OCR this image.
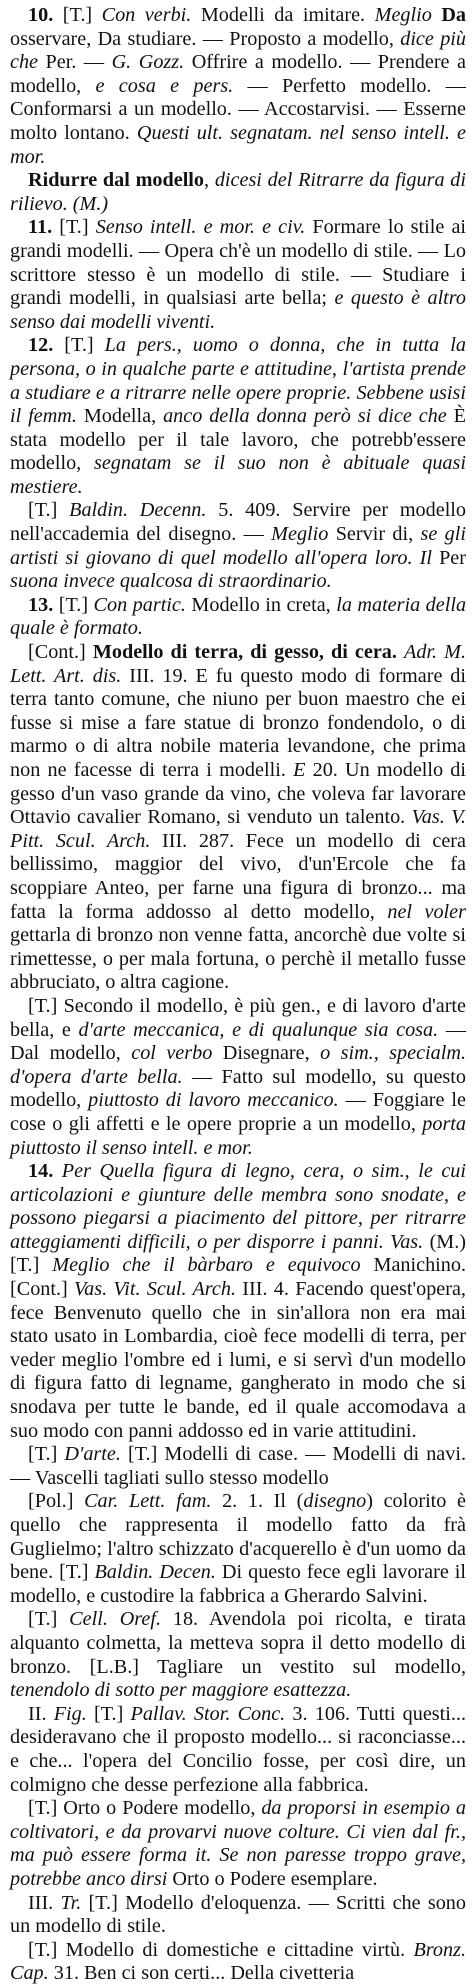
10. [T.] Con verbi. Modelli da imitare. Meglio Da osservare, Da studiare. — Proposto a modello, dice più che Per. — G. Gozz. Offrire a modello. — Prendere a modello, e cosa e pers. — Perfetto modello. — Conformarsi a un modello. — Accostarvisi. — Esserne molto lontano. Questi ult. segnatam. nel senso intell. e mor.

Ridurre dal modello, dicesi del Ritrarre da figura di rilievo. (M.)

11. [T.] Senso intell. e mor. e civ. Formare lo stile ai grandi modelli. — Opera ch'è un modello di stile. — Lo scrittore stesso è un modello di stile. — Studiare i grandi modelli, in qualsiasi arte bella; e questo è altro senso dai modelli viventi.

12. [T.] La pers., uomo o donna, che in tutta la persona, o in qualche parte e attitudine, l'artista prende a studiare e a ritrarre nelle opere proprie. Sebbene usisi il femm. Modella, anco della donna però si dice che È stata modello per il tale lavoro, che potrebb'essere modello, segnatam se il suo non è abituale quasi mestiere.

[T.] Baldin. Decenn. 5. 409. Servire per modello nell'accademia del disegno. — Meglio Servir di, se gli artisti si giovano di quel modello all'opera loro. Il Per suona invece qualcosa di straordinario.

13. [T.] Con partic. Modello in creta, la materia della quale è formato.

[Cont.] Modello di terra, di gesso, di cera. Adr. M. Lett. Art. dis. III. 19. E fu questo modo di formare di terra tanto comune, che niuno per buon maestro che ei fusse si mise a fare statue di bronzo fondendolo, o di marmo o di altra nobile materia levandone, che prima non ne facesse di terra i modelli. E 20. Un modello di gesso d'un vaso grande da vino, che voleva far lavorare Ottavio cavalier Romano, si venduto un talento. Vas. V. Pitt. Scul. Arch. III. 287. Fece un modello di cera bellissimo, maggior del vivo, d'un'Ercole che fa scoppiare Anteo, per farne una figura di bronzo... ma fatta la forma addosso al detto modello, nel voler gettarla di bronzo non venne fatta, ancorchè due volte si rimettesse, o per mala fortuna, o perchè il metallo fusse abbruciato, o altra cagione.

[T.] Secondo il modello, è più gen., e di lavoro d'arte bella, e d'arte meccanica, e di qualunque sia cosa. — Dal modello, col verbo Disegnare, o sim., specialm. d'opera d'arte bella. — Fatto sul modello, su questo modello, piuttosto di lavoro meccanico. — Foggiare le cose o gli affetti e le opere proprie a un modello, porta piuttosto il senso intell. e mor.

14. Per Quella figura di legno, cera, o sim., le cui articolazioni e giunture delle membra sono snodate, e possono piegarsi a piacimento del pittore, per ritrarre atteggiamenti difficili, o per disporre i panni. Vas. (M.) [T.] Meglio che il bàrbaro e equivoco Manichino. [Cont.] Vas. Vit. Scul. Arch. III. 4. Facendo quest'opera, fece Benvenuto quello che in sin'allora non era mai stato usato in Lombardia, cioè fece modelli di terra, per veder meglio l'ombre ed i lumi, e si servì d'un modello di figura fatto di legname, gangherato in modo che si snodava per tutte le bande, ed il quale accomodava a suo modo con panni addosso ed in varie attitudini.

[T.] D'arte. [T.] Modelli di case. — Modelli di navi. — Vascelli tagliati sullo stesso modello

[Pol.] Car. Lett. fam. 2. 1. Il (disegno) colorito è quello che rappresenta il modello fatto da frà Guglielmo; l'altro schizzato d'acquerello è d'un uomo da bene. [T.] Baldin. Decen. Di questo fece egli lavorare il modello, e custodire la fabbrica a Gherardo Salvini.

[T.] Cell. Oref. 18. Avendola poi ricolta, e tirata alquanto colmetta, la metteva sopra il detto modello di bronzo. [L.B.] Tagliare un vestito sul modello, tenendolo di sotto per maggiore esattezza.

II. Fig. [T.] Pallav. Stor. Conc. 3. 106. Tutti questi... desideravano che il proposto modello... si raconciasse... e che... l'opera del Concilio fosse, per così dire, un colmigno che desse perfezione alla fabbrica.

[T.] Orto o Podere modello, da proporsi in esempio a coltivatori, e da provarvi nuove colture. Ci vien dal fr., ma può essere forma it. Se non paresse troppo grave, potrebbe anco dirsi Orto o Podere esemplare.

III. Tr. [T.] Modello d'eloquenza. — Scritti che sono un modello di stile.

[T.] Modello di domestiche e cittadine virtù. Bronz. Cap. 31. Ben ci son certi... Della civetteria
